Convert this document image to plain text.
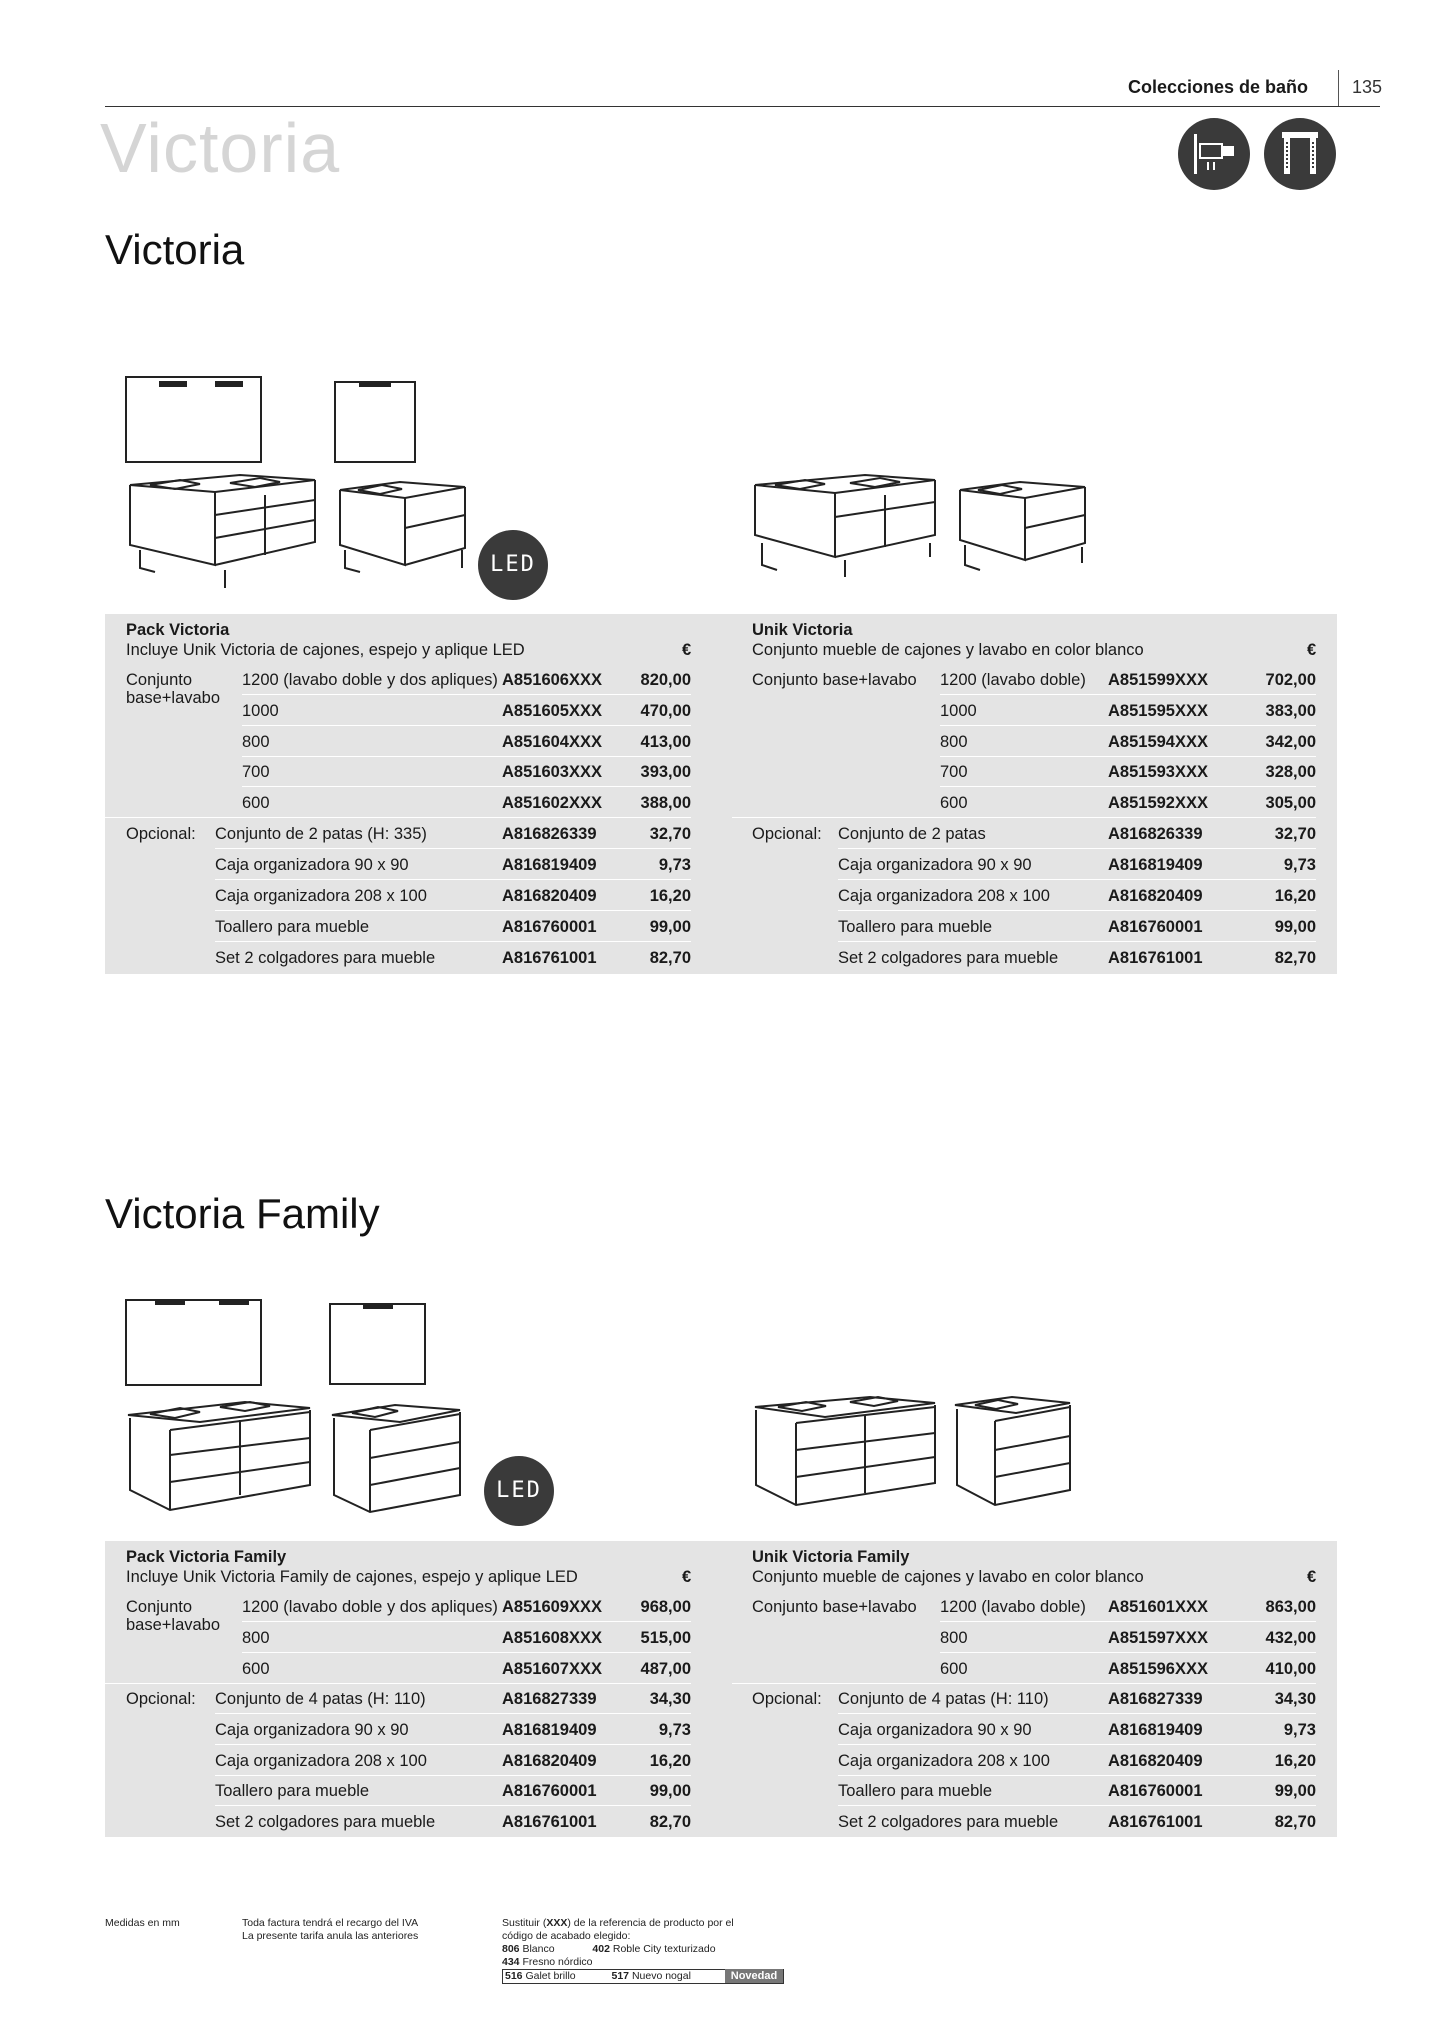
Colecciones de baño 135
Victoria
Victoria
LED
Pack Victoria
Incluye Unik Victoria de cajones, espejo y aplique LED	€
Conjunto
base+lavabo
1200 (lavabo doble y dos apliques) A851606XXX	820,00
1000	A851605XXX	470,00
800	A851604XXX	413,00
700	A851603XXX	393,00
600	A851602XXX	388,00
Opcional: Conjunto de 2 patas (H: 335)	A816826339	32,70
Caja organizadora 90 x 90	A816819409	9,73
Caja organizadora 208 x 100	A816820409	16,20
Toallero para mueble	A816760001	99,00
Set 2 colgadores para mueble	A816761001	82,70
Unik Victoria
Conjunto mueble de cajones y lavabo en color blanco	€
Conjunto base+lavabo 1200 (lavabo doble) A851599XXX	702,00
1000	A851595XXX	383,00
800	A851594XXX	342,00
700	A851593XXX	328,00
600	A851592XXX	305,00
Opcional: Conjunto de 2 patas	A816826339	32,70
Caja organizadora 90 x 90	A816819409	9,73
Caja organizadora 208 x 100	A816820409	16,20
Toallero para mueble	A816760001	99,00
Set 2 colgadores para mueble	A816761001	82,70
Victoria Family
LED
Pack Victoria Family
Incluye Unik Victoria Family de cajones, espejo y aplique LED	€
Conjunto
base+lavabo
1200 (lavabo doble y dos apliques) A851609XXX	968,00
800	A851608XXX	515,00
600	A851607XXX	487,00
Opcional: Conjunto de 4 patas (H: 110)	A816827339	34,30
Caja organizadora 90 x 90	A816819409	9,73
Caja organizadora 208 x 100	A816820409	16,20
Toallero para mueble	A816760001	99,00
Set 2 colgadores para mueble	A816761001	82,70
Unik Victoria Family
Conjunto mueble de cajones y lavabo en color blanco	€
Conjunto base+lavabo 1200 (lavabo doble) A851601XXX	863,00
800	A851597XXX	432,00
600	A851596XXX	410,00
Opcional: Conjunto de 4 patas (H: 110)	A816827339	34,30
Caja organizadora 90 x 90	A816819409	9,73
Caja organizadora 208 x 100	A816820409	16,20
Toallero para mueble	A816760001	99,00
Set 2 colgadores para mueble	A816761001	82,70
Medidas en mm	Toda factura tendrá el recargo del IVA
La presente tarifa anula las anteriores
Sustituir (XXX) de la referencia de producto por el
código de acabado elegido:
806 Blanco	402 Roble City texturizado
434 Fresno nórdico
516 Galet brillo	517 Nuevo nogal	Novedad
